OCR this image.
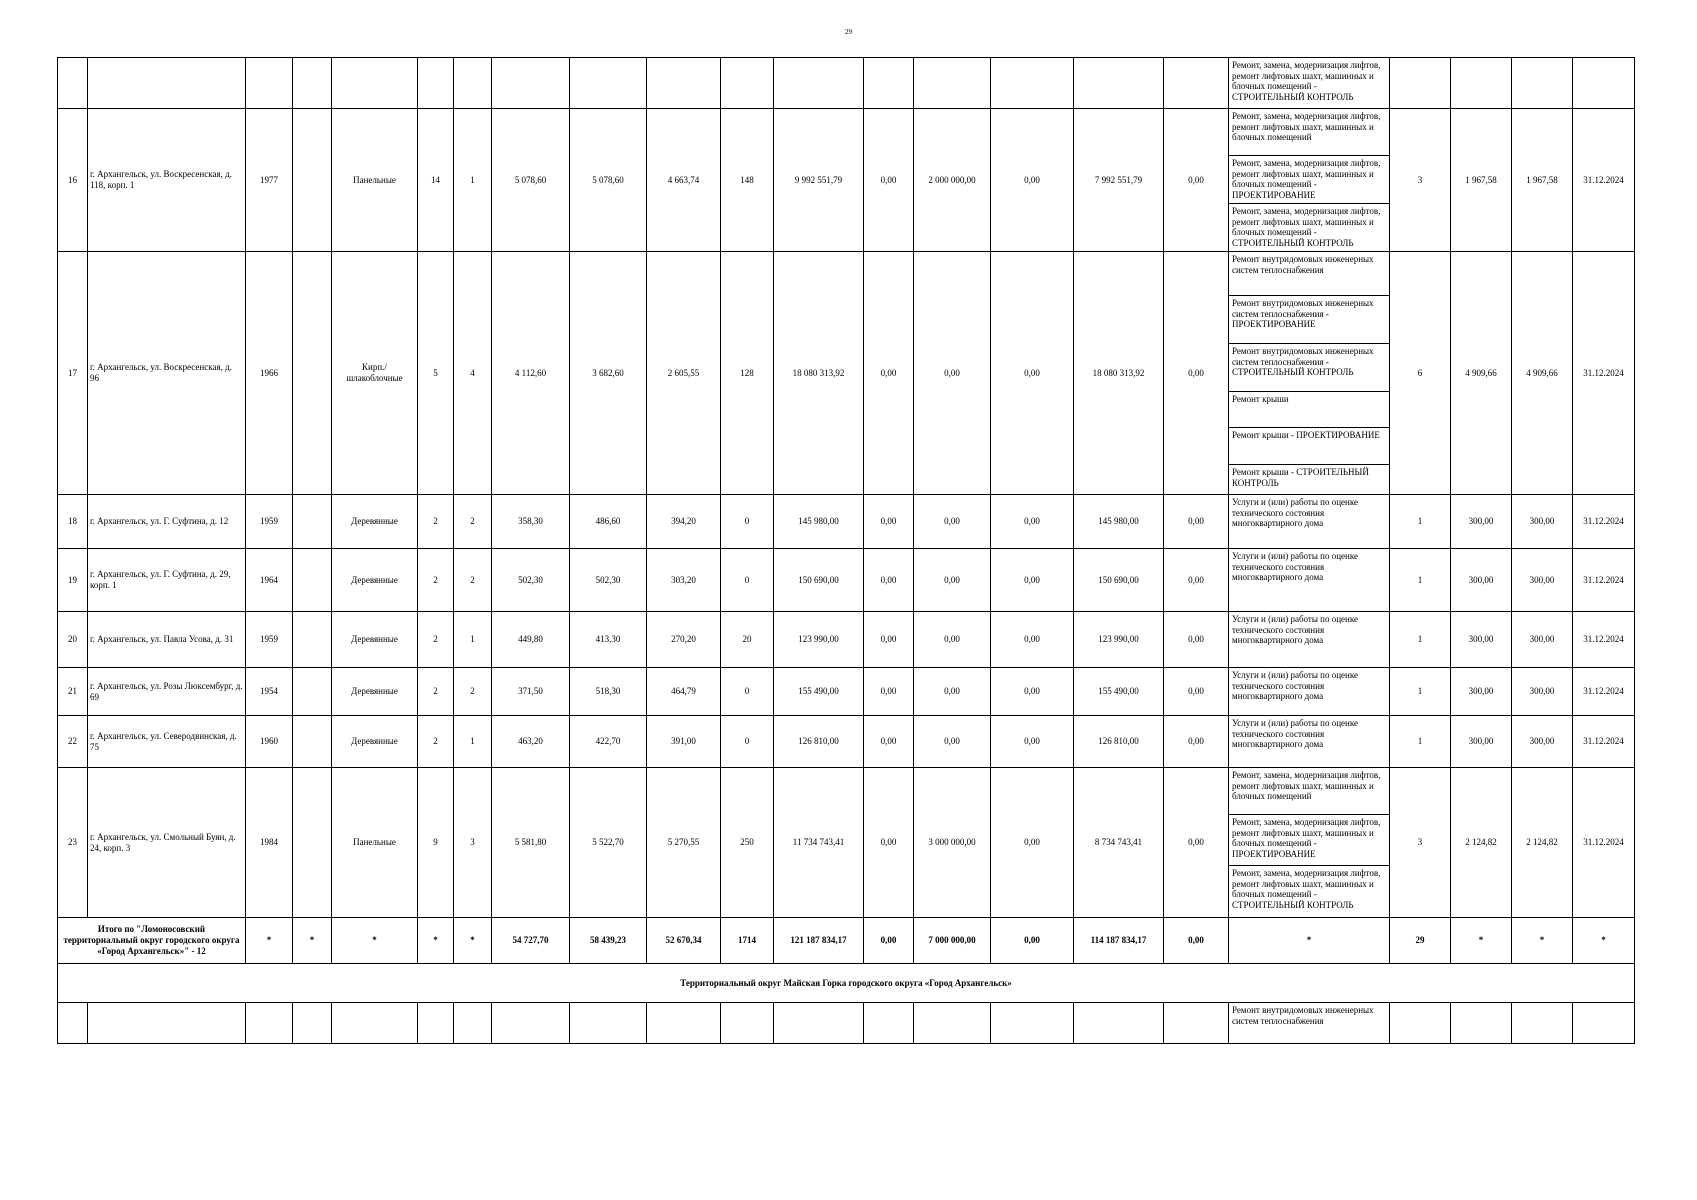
29
																	Ремонт, замена, модернизация лифтов, ремонт лифтовых шахт, машинных и блочных помещений - СТРОИТЕЛЬНЫЙ КОНТРОЛЬ				
16	г. Архангельск, ул. Воскресенская, д. 118, корп. 1	1977		Панельные	14	1	5 078,60	5 078,60	4 663,74	148	9 992 551,79	0,00	2 000 000,00	0,00	7 992 551,79	0,00	Ремонт, замена, модернизация лифтов, ремонт лифтовых шахт, машинных и блочных помещений	3	1 967,58	1 967,58	31.12.2024
																	Ремонт, замена, модернизация лифтов, ремонт лифтовых шахт, машинных и блочных помещений - ПРОЕКТИРОВАНИЕ				
																	Ремонт, замена, модернизация лифтов, ремонт лифтовых шахт, машинных и блочных помещений - СТРОИТЕЛЬНЫЙ КОНТРОЛЬ				
17	г. Архангельск, ул. Воскресенская, д. 96	1966		Кирп./шлакоблочные	5	4	4 112,60	3 682,60	2 605,55	128	18 080 313,92	0,00	0,00	0,00	18 080 313,92	0,00	Ремонт внутридомовых инженерных систем теплоснабжения	6	4 909,66	4 909,66	31.12.2024
																	Ремонт внутридомовых инженерных систем теплоснабжения - ПРОЕКТИРОВАНИЕ				
																	Ремонт внутридомовых инженерных систем теплоснабжения - СТРОИТЕЛЬНЫЙ КОНТРОЛЬ				
																	Ремонт крыши				
																	Ремонт крыши - ПРОЕКТИРОВАНИЕ				
																	Ремонт крыши - СТРОИТЕЛЬНЫЙ КОНТРОЛЬ				
18	г. Архангельск, ул. Г. Суфтина, д. 12	1959		Деревянные	2	2	358,30	486,60	394,20	0	145 980,00	0,00	0,00	0,00	145 980,00	0,00	Услуги и (или) работы по оценке технического состояния многоквартирного дома	1	300,00	300,00	31.12.2024
19	г. Архангельск, ул. Г. Суфтина, д. 29, корп. 1	1964		Деревянные	2	2	502,30	502,30	303,20	0	150 690,00	0,00	0,00	0,00	150 690,00	0,00	Услуги и (или) работы по оценке технического состояния многоквартирного дома	1	300,00	300,00	31.12.2024
20	г. Архангельск, ул. Павла Усова, д. 31	1959		Деревянные	2	1	449,80	413,30	270,20	20	123 990,00	0,00	0,00	0,00	123 990,00	0,00	Услуги и (или) работы по оценке технического состояния многоквартирного дома	1	300,00	300,00	31.12.2024
21	г. Архангельск, ул. Розы Люксембург, д. 69	1954		Деревянные	2	2	371,50	518,30	464,79	0	155 490,00	0,00	0,00	0,00	155 490,00	0,00	Услуги и (или) работы по оценке технического состояния многоквартирного дома	1	300,00	300,00	31.12.2024
22	г. Архангельск, ул. Северодвинская, д. 75	1960		Деревянные	2	1	463,20	422,70	391,00	0	126 810,00	0,00	0,00	0,00	126 810,00	0,00	Услуги и (или) работы по оценке технического состояния многоквартирного дома	1	300,00	300,00	31.12.2024
23	г. Архангельск, ул. Смольный Буян, д. 24, корп. 3	1984		Панельные	9	3	5 581,80	5 522,70	5 270,55	250	11 734 743,41	0,00	3 000 000,00	0,00	8 734 743,41	0,00	Ремонт, замена, модернизация лифтов, ремонт лифтовых шахт, машинных и блочных помещений	3	2 124,82	2 124,82	31.12.2024
																	Ремонт, замена, модернизация лифтов, ремонт лифтовых шахт, машинных и блочных помещений - ПРОЕКТИРОВАНИЕ				
																	Ремонт, замена, модернизация лифтов, ремонт лифтовых шахт, машинных и блочных помещений - СТРОИТЕЛЬНЫЙ КОНТРОЛЬ				
Итого по "Ломоносовский территориальный округ городского округа «Город Архангельск»" - 12		*	*	*	*	*	54 727,70	58 439,23	52 670,34	1714	121 187 834,17	0,00	7 000 000,00	0,00	114 187 834,17	0,00	*	29	*	*	*
Территориальный округ Майская Горка городского округа «Город Архангельск»																					
																	Ремонт внутридомовых инженерных систем теплоснабжения				
